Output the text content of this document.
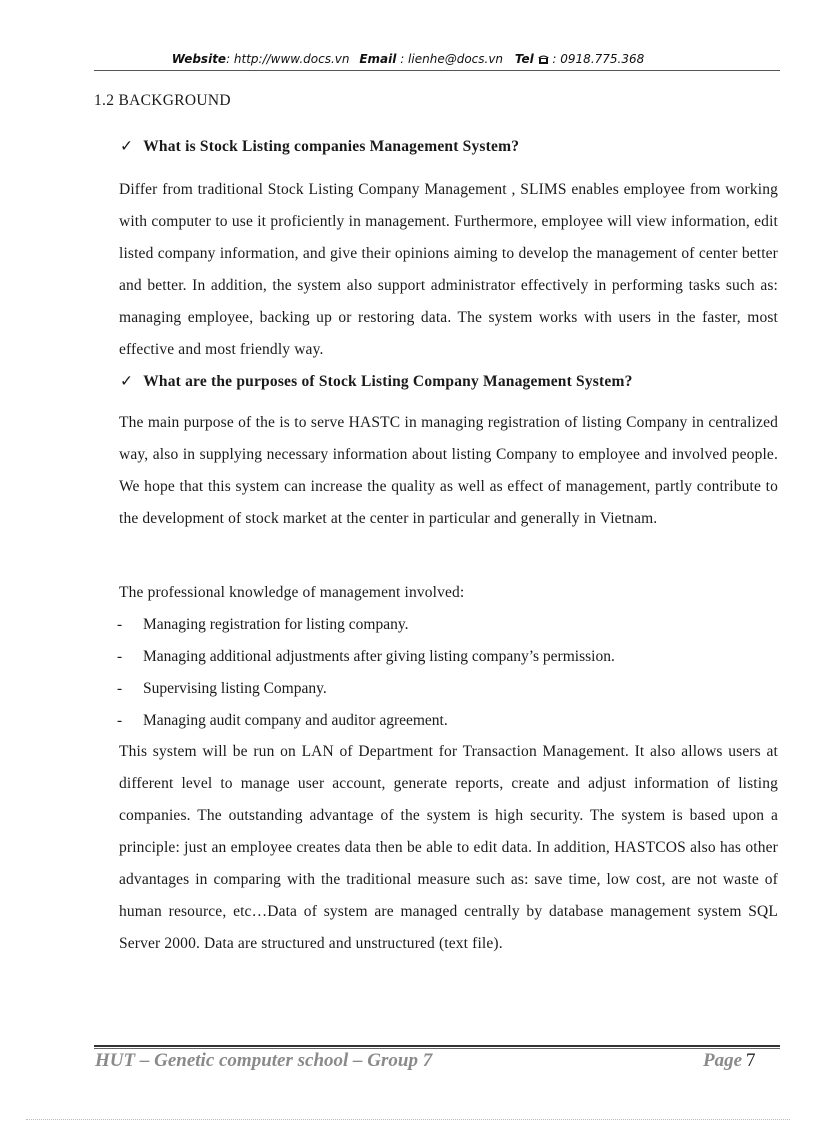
Website: http://www.docs.vn Email : lienhe@docs.vn Tel : 0918.775.368
1.2 BACKGROUND
✓ What is Stock Listing companies Management System?

Differ from traditional Stock Listing Company Management , SLIMS enables employee from working with computer to use it proficiently in management. Furthermore, employee will view information, edit listed company information, and give their opinions aiming to develop the management of center better and better. In addition, the system also support administrator effectively in performing tasks such as: managing employee, backing up or restoring data. The system works with users in the faster, most effective and most friendly way.

✓ What are the purposes of Stock Listing Company Management System?

The main purpose of the is to serve HASTC in managing registration of listing Company in centralized way, also in supplying necessary information about listing Company to employee and involved people. We hope that this system can increase the quality as well as effect of management, partly contribute to the development of stock market at the center in particular and generally in Vietnam.

The professional knowledge of management involved:

- Managing registration for listing company.
- Managing additional adjustments after giving listing company’s permission.
- Supervising listing Company.
- Managing audit company and auditor agreement.

This system will be run on LAN of Department for Transaction Management. It also allows users at different level to manage user account, generate reports, create and adjust information of listing companies. The outstanding advantage of the system is high security. The system is based upon a principle: just an employee creates data then be able to edit data. In addition, HASTCOS also has other advantages in comparing with the traditional measure such as: save time, low cost, are not waste of human resource, etc…Data of system are managed centrally by database management system SQL Server 2000. Data are structured and unstructured (text file).

HUT – Genetic computer school – Group 7	Page 7
